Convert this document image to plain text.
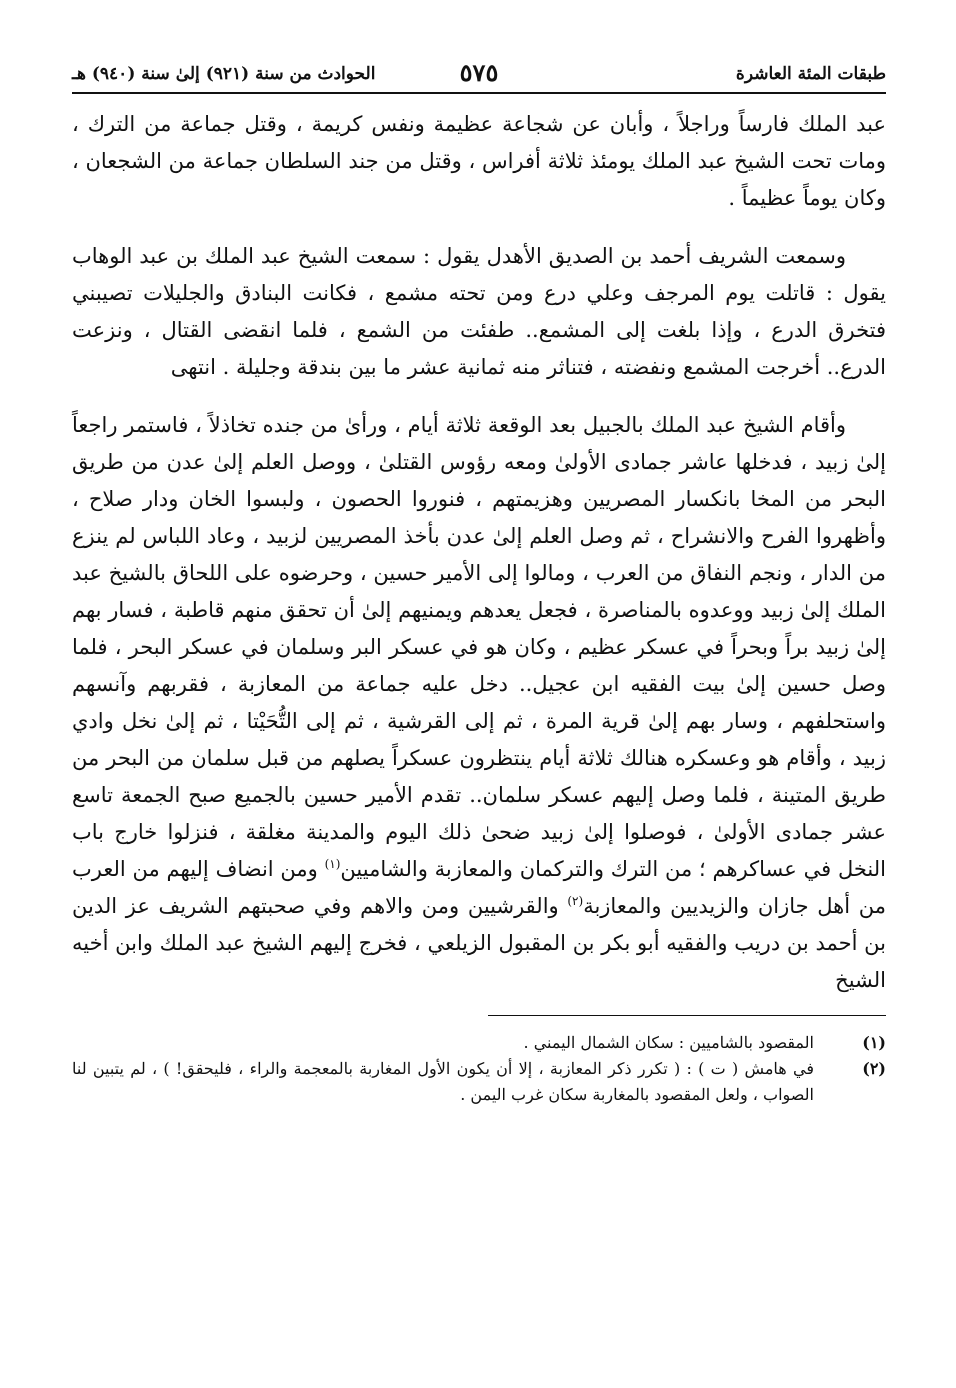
طبقات المئة العاشرة
٥٧٥
الحوادث من سنة (٩٢١) إلىٰ سنة (٩٤٠) هـ

عبد الملك فارساً وراجلاً ، وأبان عن شجاعة عظيمة ونفس كريمة ، وقتل جماعة من الترك ، ومات تحت الشيخ عبد الملك يومئذ ثلاثة أفراس ، وقتل من جند السلطان جماعة من الشجعان ، وكان يوماً عظيماً .

وسمعت الشريف أحمد بن الصديق الأهدل يقول : سمعت الشيخ عبد الملك بن عبد الوهاب يقول : قاتلت يوم المرجف وعلي درع ومن تحته مشمع ، فكانت البنادق والجليلات تصيبني فتخرق الدرع ، وإذا بلغت إلى المشمع.. طفئت من الشمع ، فلما انقضى القتال ، ونزعت الدرع.. أخرجت المشمع ونفضته ، فتناثر منه ثمانية عشر ما بين بندقة وجليلة . انتهى

وأقام الشيخ عبد الملك بالجبيل بعد الوقعة ثلاثة أيام ، ورأىٰ من جنده تخاذلاً ، فاستمر راجعاً إلىٰ زبيد ، فدخلها عاشر جمادى الأولىٰ ومعه رؤوس القتلىٰ ، ووصل العلم إلىٰ عدن من طريق البحر من المخا بانكسار المصريين وهزيمتهم ، فنوروا الحصون ، ولبسوا الخان ودار صلاح ، وأظهروا الفرح والانشراح ، ثم وصل العلم إلىٰ عدن بأخذ المصريين لزبيد ، وعاد اللباس لم ينزع من الدار ، ونجم النفاق من العرب ، ومالوا إلى الأمير حسين ، وحرضوه على اللحاق بالشيخ عبد الملك إلىٰ زبيد ووعدوه بالمناصرة ، فجعل يعدهم ويمنيهم إلىٰ أن تحقق منهم قاطبة ، فسار بهم إلىٰ زبيد براً وبحراً في عسكر عظيم ، وكان هو في عسكر البر وسلمان في عسكر البحر ، فلما وصل حسين إلىٰ بيت الفقيه ابن عجيل.. دخل عليه جماعة من المعازبة ، فقربهم وآنسهم واستحلفهم ، وسار بهم إلىٰ قرية المرة ، ثم إلى القرشية ، ثم إلى التُّحَيْتا ، ثم إلىٰ نخل وادي زبيد ، وأقام هو وعسكره هنالك ثلاثة أيام ينتظرون عسكراً يصلهم من قبل سلمان من البحر من طريق المتينة ، فلما وصل إليهم عسكر سلمان.. تقدم الأمير حسين بالجميع صبح الجمعة تاسع عشر جمادى الأولىٰ ، فوصلوا إلىٰ زبيد ضحىٰ ذلك اليوم والمدينة مغلقة ، فنزلوا خارج باب النخل في عساكرهم ؛ من الترك والتركمان والمعازبة والشاميين$^{(١)}$ ومن انضاف إليهم من العرب من أهل جازان والزيديين والمعازبة$^{(٢)}$ والقرشيين ومن والاهم وفي صحبتهم الشريف عز الدين بن أحمد بن دريب والفقيه أبو بكر بن المقبول الزيلعي ، فخرج إليهم الشيخ عبد الملك وابن أخيه الشيخ

(١)
المقصود بالشاميين : سكان الشمال اليمني .
(٢)
في هامش ( ت ) : ( تكرر ذكر المعازبة ، إلا أن يكون الأول المغاربة بالمعجمة والراء ، فليحقق! ) ، لم يتبين لنا الصواب ، ولعل المقصود بالمغاربة سكان غرب اليمن .
